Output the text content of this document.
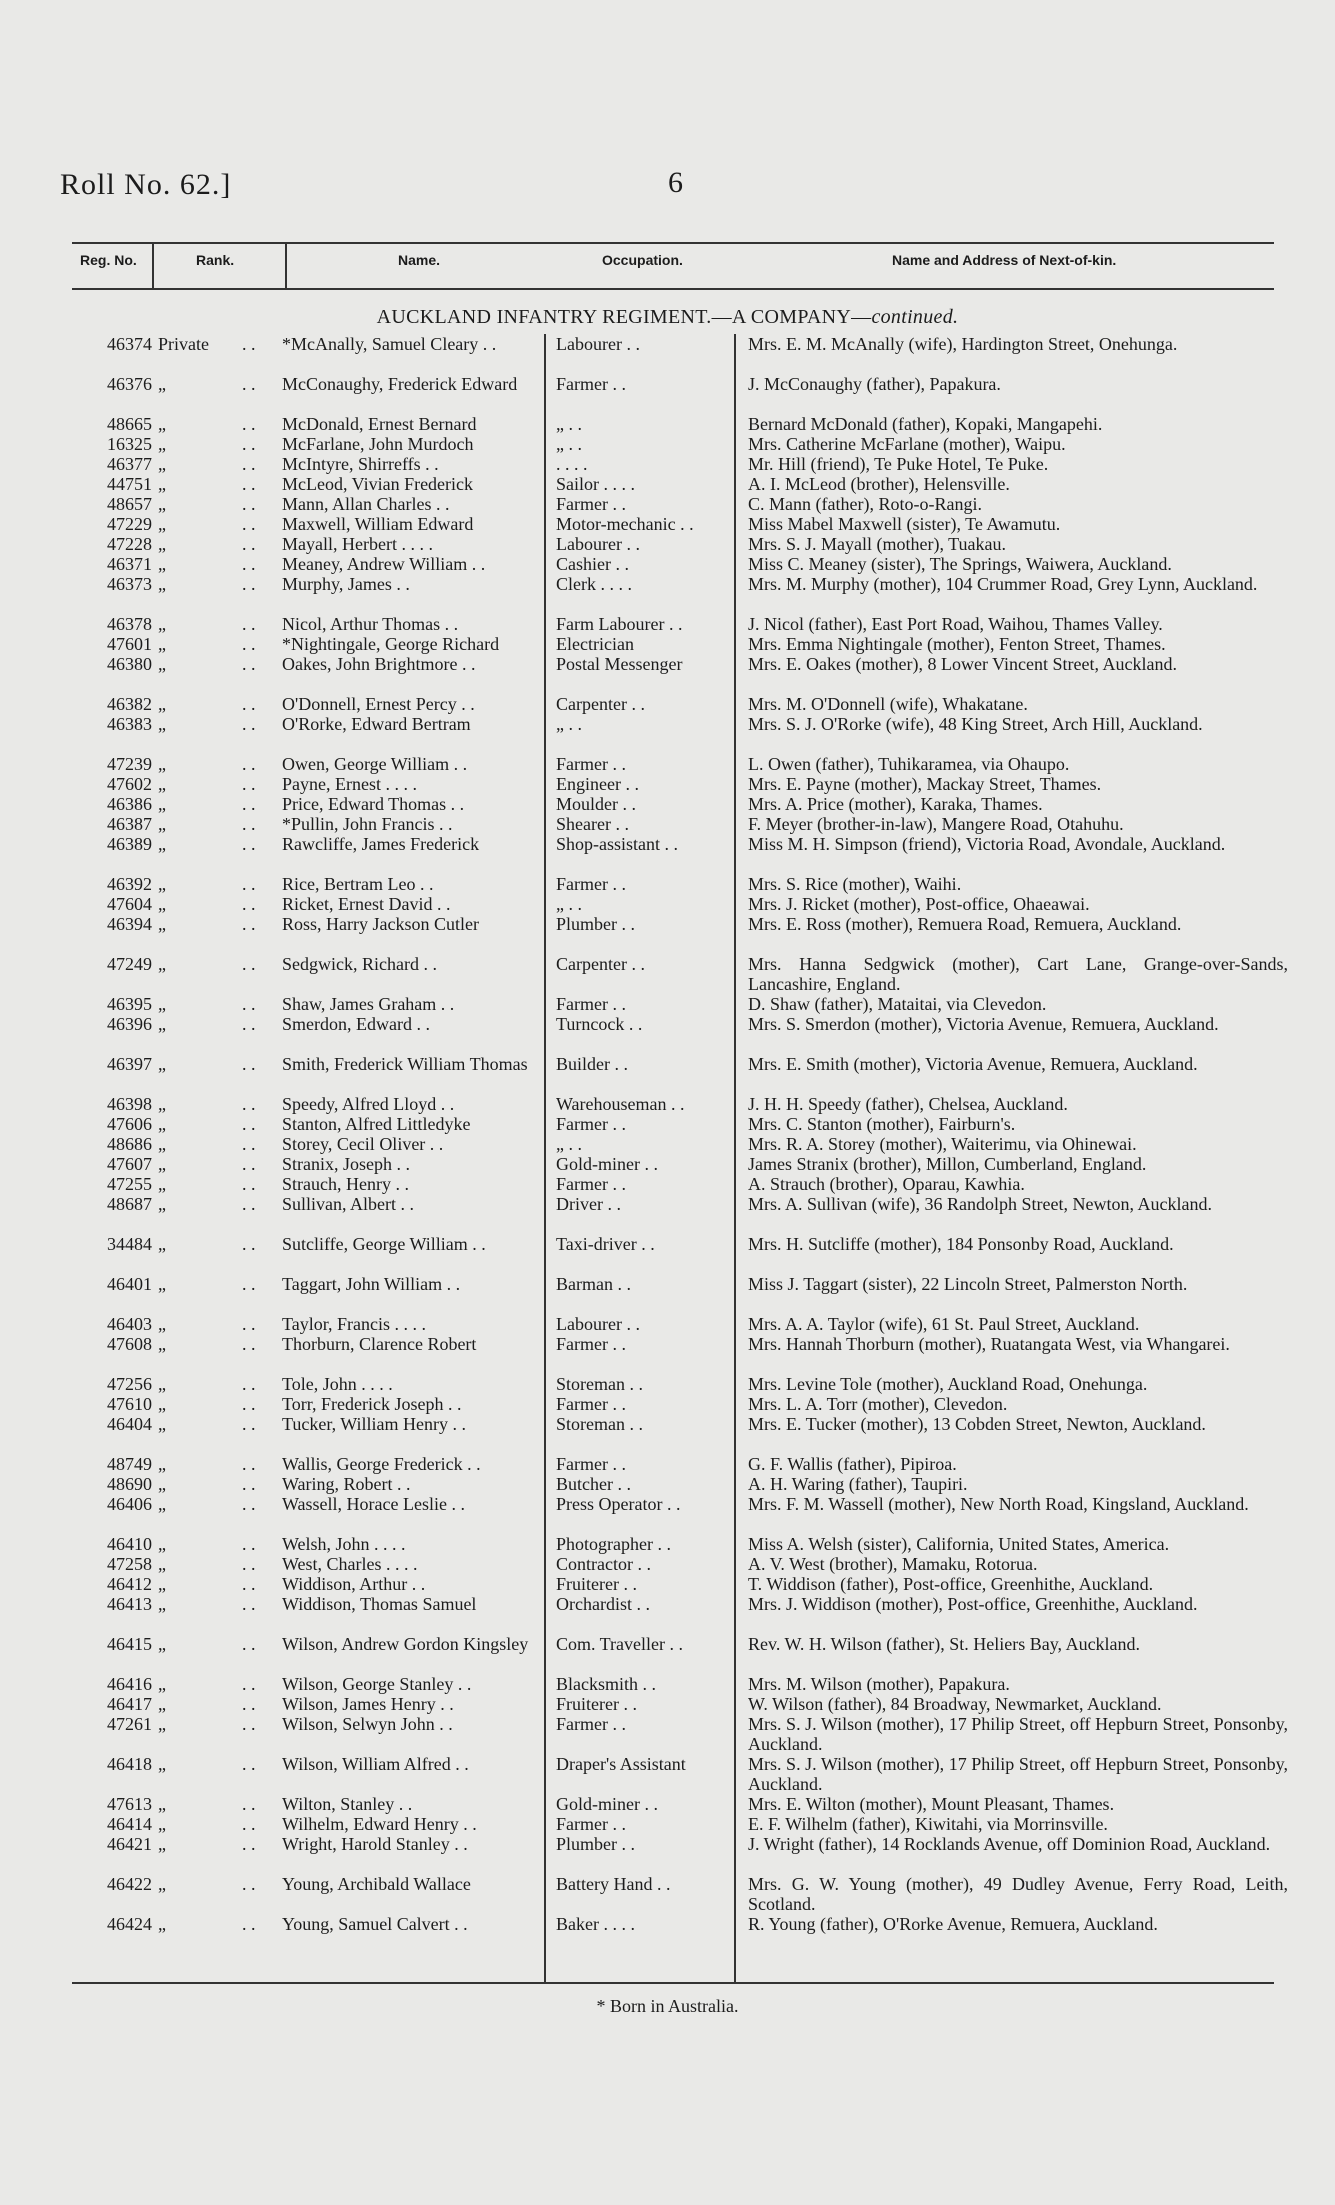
Roll No. 62.]	6
Reg. No.	Rank.	Name.	Occupation.	Name and Address of Next-of-kin.
AUCKLAND INFANTRY REGIMENT.—A COMPANY—continued.
46374 Private	. . *McAnally, Samuel Cleary . .	Labourer . .	Mrs. E. M. McAnally (wife), Hardington Street, Onehunga.
46376 „	. . McConaughy, Frederick Edward	Farmer . .	J. McConaughy (father), Papakura.
48665 „	. . McDonald, Ernest Bernard	„ . .	Bernard McDonald (father), Kopaki, Mangapehi.
16325 „	. . McFarlane, John Murdoch	„ . .	Mrs. Catherine McFarlane (mother), Waipu.
46377 „	. . McIntyre, Shirreffs . .	. . . .	Mr. Hill (friend), Te Puke Hotel, Te Puke.
44751 „	. . McLeod, Vivian Frederick	Sailor . . . .	A. I. McLeod (brother), Helensville.
48657 „	. . Mann, Allan Charles . .	Farmer . .	C. Mann (father), Roto-o-Rangi.
47229 „	. . Maxwell, William Edward	Motor-mechanic . .	Miss Mabel Maxwell (sister), Te Awamutu.
47228 „	. . Mayall, Herbert . . . .	Labourer . .	Mrs. S. J. Mayall (mother), Tuakau.
46371 „	. . Meaney, Andrew William . .	Cashier . .	Miss C. Meaney (sister), The Springs, Waiwera, Auckland.
46373 „	. . Murphy, James . .	Clerk . . . .	Mrs. M. Murphy (mother), 104 Crummer Road, Grey Lynn, Auckland.
46378 „	. . Nicol, Arthur Thomas . .	Farm Labourer . .	J. Nicol (father), East Port Road, Waihou, Thames Valley.
47601 „	. . *Nightingale, George Richard	Electrician	Mrs. Emma Nightingale (mother), Fenton Street, Thames.
46380 „	. . Oakes, John Brightmore . .	Postal Messenger	Mrs. E. Oakes (mother), 8 Lower Vincent Street, Auckland.
46382 „	. . O'Donnell, Ernest Percy . .	Carpenter . .	Mrs. M. O'Donnell (wife), Whakatane.
46383 „	. . O'Rorke, Edward Bertram	„ . .	Mrs. S. J. O'Rorke (wife), 48 King Street, Arch Hill, Auckland.
47239 „	. . Owen, George William . .	Farmer . .	L. Owen (father), Tuhikaramea, via Ohaupo.
47602 „	. . Payne, Ernest . . . .	Engineer . .	Mrs. E. Payne (mother), Mackay Street, Thames.
46386 „	. . Price, Edward Thomas . .	Moulder . .	Mrs. A. Price (mother), Karaka, Thames.
46387 „	. . *Pullin, John Francis . .	Shearer . .	F. Meyer (brother-in-law), Mangere Road, Otahuhu.
46389 „	. . Rawcliffe, James Frederick	Shop-assistant . .	Miss M. H. Simpson (friend), Victoria Road, Avondale, Auckland.
46392 „	. . Rice, Bertram Leo . .	Farmer . .	Mrs. S. Rice (mother), Waihi.
47604 „	. . Ricket, Ernest David . .	„ . .	Mrs. J. Ricket (mother), Post-office, Ohaeawai.
46394 „	. . Ross, Harry Jackson Cutler	Plumber . .	Mrs. E. Ross (mother), Remuera Road, Remuera, Auckland.
47249 „	. . Sedgwick, Richard . .	Carpenter . .	Mrs. Hanna Sedgwick (mother), Cart Lane, Grange-over-Sands, Lancashire, England.
46395 „	. . Shaw, James Graham . .	Farmer . .	D. Shaw (father), Mataitai, via Clevedon.
46396 „	. . Smerdon, Edward . .	Turncock . .	Mrs. S. Smerdon (mother), Victoria Avenue, Remuera, Auckland.
46397 „	. . Smith, Frederick William Thomas	Builder . .	Mrs. E. Smith (mother), Victoria Avenue, Remuera, Auckland.
46398 „	. . Speedy, Alfred Lloyd . .	Warehouseman . .	J. H. H. Speedy (father), Chelsea, Auckland.
47606 „	. . Stanton, Alfred Littledyke	Farmer . .	Mrs. C. Stanton (mother), Fairburn's.
48686 „	. . Storey, Cecil Oliver . .	„ . .	Mrs. R. A. Storey (mother), Waiterimu, via Ohinewai.
47607 „	. . Stranix, Joseph . .	Gold-miner . .	James Stranix (brother), Millon, Cumberland, England.
47255 „	. . Strauch, Henry . .	Farmer . .	A. Strauch (brother), Oparau, Kawhia.
48687 „	. . Sullivan, Albert . .	Driver . .	Mrs. A. Sullivan (wife), 36 Randolph Street, Newton, Auckland.
34484 „	. . Sutcliffe, George William . .	Taxi-driver . .	Mrs. H. Sutcliffe (mother), 184 Ponsonby Road, Auckland.
46401 „	. . Taggart, John William . .	Barman . .	Miss J. Taggart (sister), 22 Lincoln Street, Palmerston North.
46403 „	. . Taylor, Francis . . . .	Labourer . .	Mrs. A. A. Taylor (wife), 61 St. Paul Street, Auckland.
47608 „	. . Thorburn, Clarence Robert	Farmer . .	Mrs. Hannah Thorburn (mother), Ruatangata West, via Whangarei.
47256 „	. . Tole, John . . . .	Storeman . .	Mrs. Levine Tole (mother), Auckland Road, Onehunga.
47610 „	. . Torr, Frederick Joseph . .	Farmer . .	Mrs. L. A. Torr (mother), Clevedon.
46404 „	. . Tucker, William Henry . .	Storeman . .	Mrs. E. Tucker (mother), 13 Cobden Street, Newton, Auckland.
48749 „	. . Wallis, George Frederick . .	Farmer . .	G. F. Wallis (father), Pipiroa.
48690 „	. . Waring, Robert . .	Butcher . .	A. H. Waring (father), Taupiri.
46406 „	. . Wassell, Horace Leslie . .	Press Operator . .	Mrs. F. M. Wassell (mother), New North Road, Kingsland, Auckland.
46410 „	. . Welsh, John . . . .	Photographer . .	Miss A. Welsh (sister), California, United States, America.
47258 „	. . West, Charles . . . .	Contractor . .	A. V. West (brother), Mamaku, Rotorua.
46412 „	. . Widdison, Arthur . .	Fruiterer . .	T. Widdison (father), Post-office, Greenhithe, Auckland.
46413 „	. . Widdison, Thomas Samuel	Orchardist . .	Mrs. J. Widdison (mother), Post-office, Greenhithe, Auckland.
46415 „	. . Wilson, Andrew Gordon Kingsley	Com. Traveller . .	Rev. W. H. Wilson (father), St. Heliers Bay, Auckland.
46416 „	. . Wilson, George Stanley . .	Blacksmith . .	Mrs. M. Wilson (mother), Papakura.
46417 „	. . Wilson, James Henry . .	Fruiterer . .	W. Wilson (father), 84 Broadway, Newmarket, Auckland.
47261 „	. . Wilson, Selwyn John . .	Farmer . .	Mrs. S. J. Wilson (mother), 17 Philip Street, off Hepburn Street, Ponsonby, Auckland.
46418 „	. . Wilson, William Alfred . .	Draper's Assistant	Mrs. S. J. Wilson (mother), 17 Philip Street, off Hepburn Street, Ponsonby, Auckland.
47613 „	. . Wilton, Stanley . .	Gold-miner . .	Mrs. E. Wilton (mother), Mount Pleasant, Thames.
46414 „	. . Wilhelm, Edward Henry . .	Farmer . .	E. F. Wilhelm (father), Kiwitahi, via Morrinsville.
46421 „	. . Wright, Harold Stanley . .	Plumber . .	J. Wright (father), 14 Rocklands Avenue, off Dominion Road, Auckland.
46422 „	. . Young, Archibald Wallace	Battery Hand . .	Mrs. G. W. Young (mother), 49 Dudley Avenue, Ferry Road, Leith, Scotland.
46424 „	. . Young, Samuel Calvert . .	Baker . . . .	R. Young (father), O'Rorke Avenue, Remuera, Auckland.
* Born in Australia.
